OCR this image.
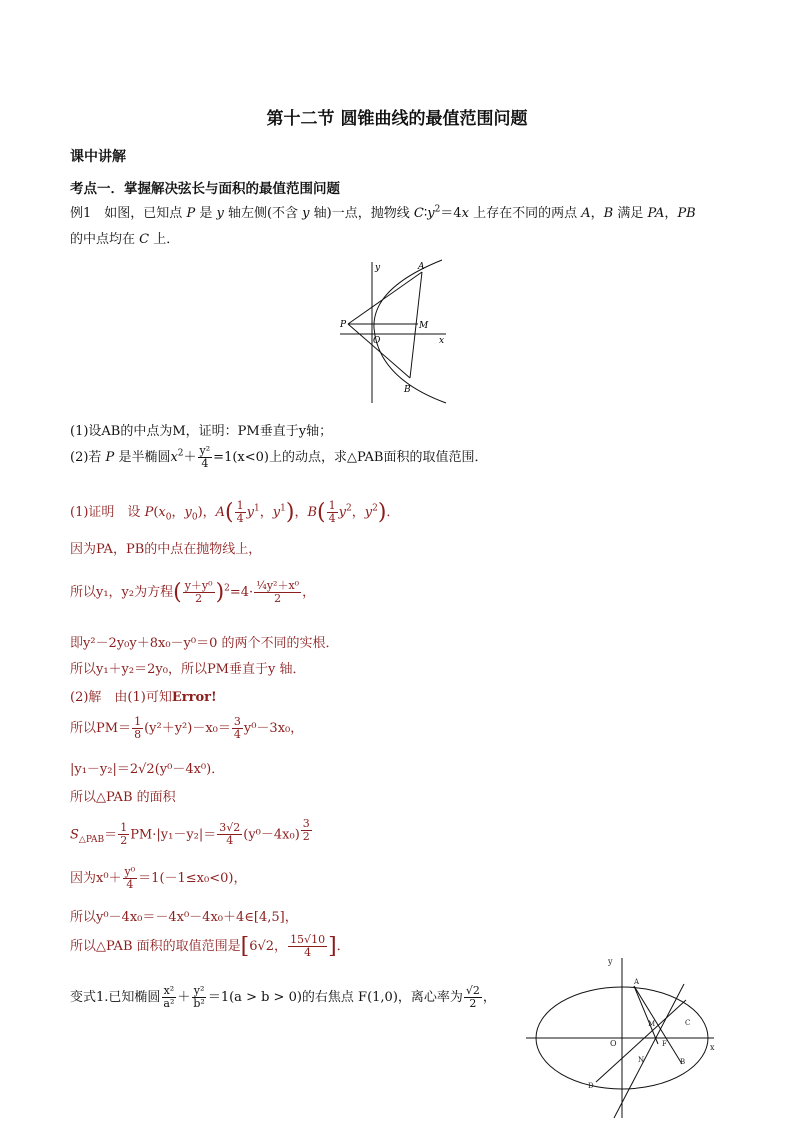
第十二节 圆锥曲线的最值范围问题
课中讲解
考点一．掌握解决弦长与面积的最值范围问题
例1　 如图，已知点 P 是 y 轴左侧(不含 y 轴)一点，抛物线 $C∶y^2=4x$ 上存在不同的两点 A，B 满足 PA，PB
的中点均在 C 上．
y	A
P	M
O	x
B
(1)设AB的中点为M，证明：PM垂直于y轴；
(2)若 P 是半椭圆$x^2+ \frac{\text{y²}}{4} =1(x<0)$上的动点，求△PAB面积的取值范围．
(1)证明　设 $P(x_0$，$y_0$)，$A( \frac{1}{4} y^1$，$y^1$)，$B( \frac{1}{4} y^2$，$y^2$)．
因为PA，PB的中点在抛物线上，
所以y₁，y₂为方程( $\frac{\text{y＋y⁰}}{2} )^2=4\cdot \frac{\text{¹⁄₄y²＋x⁰}}{2}$ ，
即y²－2y₀y＋8x₀－y⁰＝0 的两个不同的实根．
所以y₁＋y₂＝2y₀，所以PM垂直于y 轴．
(2)解　由(1)可知Error!
所以$PM= \frac{1}{8} (y^2+y^2)-x_0= \frac{3}{4} y^0-3x_0$，
|y₁－y₂|＝2√2(y⁰－4x⁰)．
所以△PAB 的面积
$S_{\triangle PAB}= \frac{1}{2} PM\cdot|y_1-y_2|= \frac{3√2}{4} (y^0-4x_0)$ $^{\frac{3}{2}}$
因为$x^0+ \frac{\text{y⁰}}{4} =1(-1\le x_0<0)$，
所以y⁰－4x₀＝－4x⁰－4x₀＋4∈[4,5]，
所以△PAB 面积的取值范围是[6√2， $\frac{15√10}{4}$ ]．
变式1.已知椭圆 $\frac{\text{x²}}{\text{a²}} + \frac{\text{y²}}{\text{b²}} =1(a > b > 0)$的右焦点 F(1,0)，离心率为 $\frac{√2}{2}$ ，
y
A
M	C
O
N
F	x
B
D
